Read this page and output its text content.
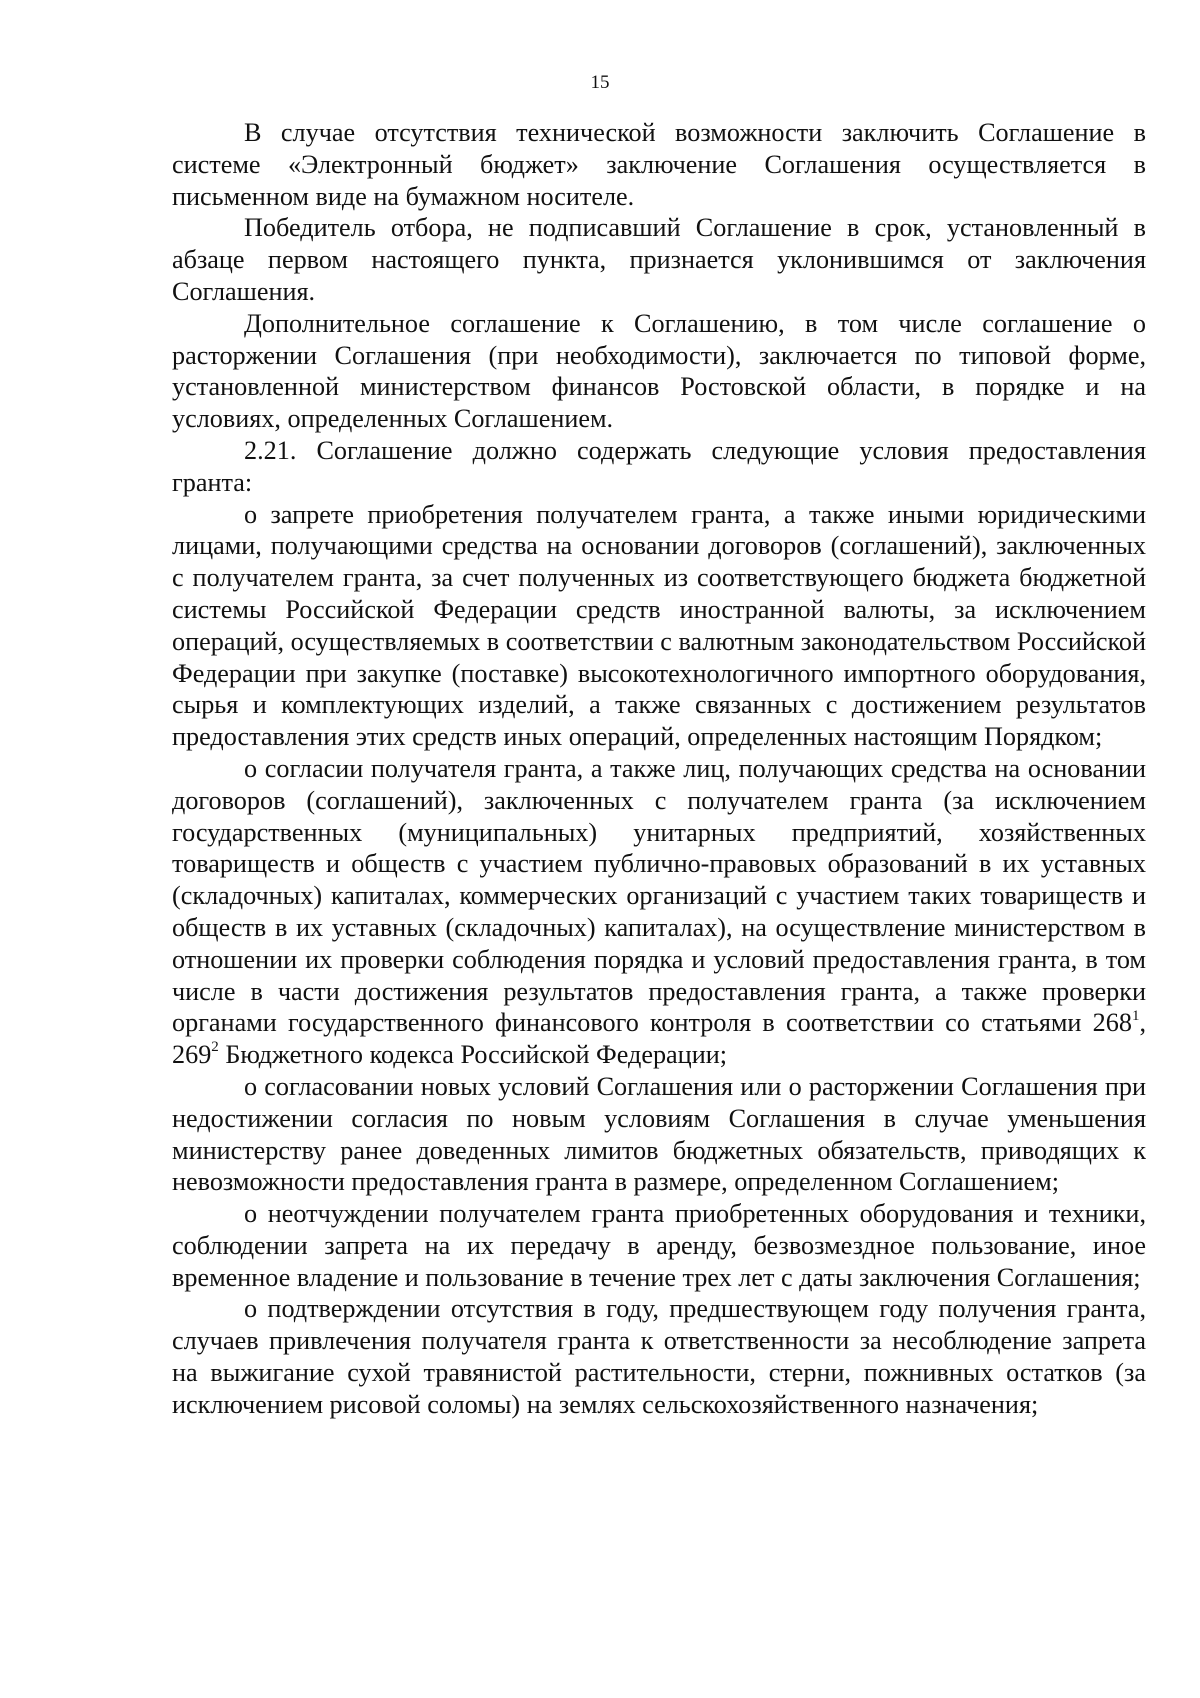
15

В случае отсутствия технической возможности заключить Соглашение в системе «Электронный бюджет» заключение Соглашения осуществляется в письменном виде на бумажном носителе.

Победитель отбора, не подписавший Соглашение в срок, установленный в абзаце первом настоящего пункта, признается уклонившимся от заключения Соглашения.

Дополнительное соглашение к Соглашению, в том числе соглашение о расторжении Соглашения (при необходимости), заключается по типовой форме, установленной министерством финансов Ростовской области, в порядке и на условиях, определенных Соглашением.

2.21. Соглашение должно содержать следующие условия предоставления гранта:

о запрете приобретения получателем гранта, а также иными юридическими лицами, получающими средства на основании договоров (соглашений), заключенных с получателем гранта, за счет полученных из соответствующего бюджета бюджетной системы Российской Федерации средств иностранной валюты, за исключением операций, осуществляемых в соответствии с валютным законодательством Российской Федерации при закупке (поставке) высокотехнологичного импортного оборудования, сырья и комплектующих изделий, а также связанных с достижением результатов предоставления этих средств иных операций, определенных настоящим Порядком;

о согласии получателя гранта, а также лиц, получающих средства на основании договоров (соглашений), заключенных с получателем гранта (за исключением государственных (муниципальных) унитарных предприятий, хозяйственных товариществ и обществ с участием публично-правовых образований в их уставных (складочных) капиталах, коммерческих организаций с участием таких товариществ и обществ в их уставных (складочных) капиталах), на осуществление министерством в отношении их проверки соблюдения порядка и условий предоставления гранта, в том числе в части достижения результатов предоставления гранта, а также проверки органами государственного финансового контроля в соответствии со статьями $268^1$, $269^2$ Бюджетного кодекса Российской Федерации;

о согласовании новых условий Соглашения или о расторжении Соглашения при недостижении согласия по новым условиям Соглашения в случае уменьшения министерству ранее доведенных лимитов бюджетных обязательств, приводящих к невозможности предоставления гранта в размере, определенном Соглашением;

о неотчуждении получателем гранта приобретенных оборудования и техники, соблюдении запрета на их передачу в аренду, безвозмездное пользование, иное временное владение и пользование в течение трех лет с даты заключения Соглашения;

о подтверждении отсутствия в году, предшествующем году получения гранта, случаев привлечения получателя гранта к ответственности за несоблюдение запрета на выжигание сухой травянистой растительности, стерни, пожнивных остатков (за исключением рисовой соломы) на землях сельскохозяйственного назначения;
